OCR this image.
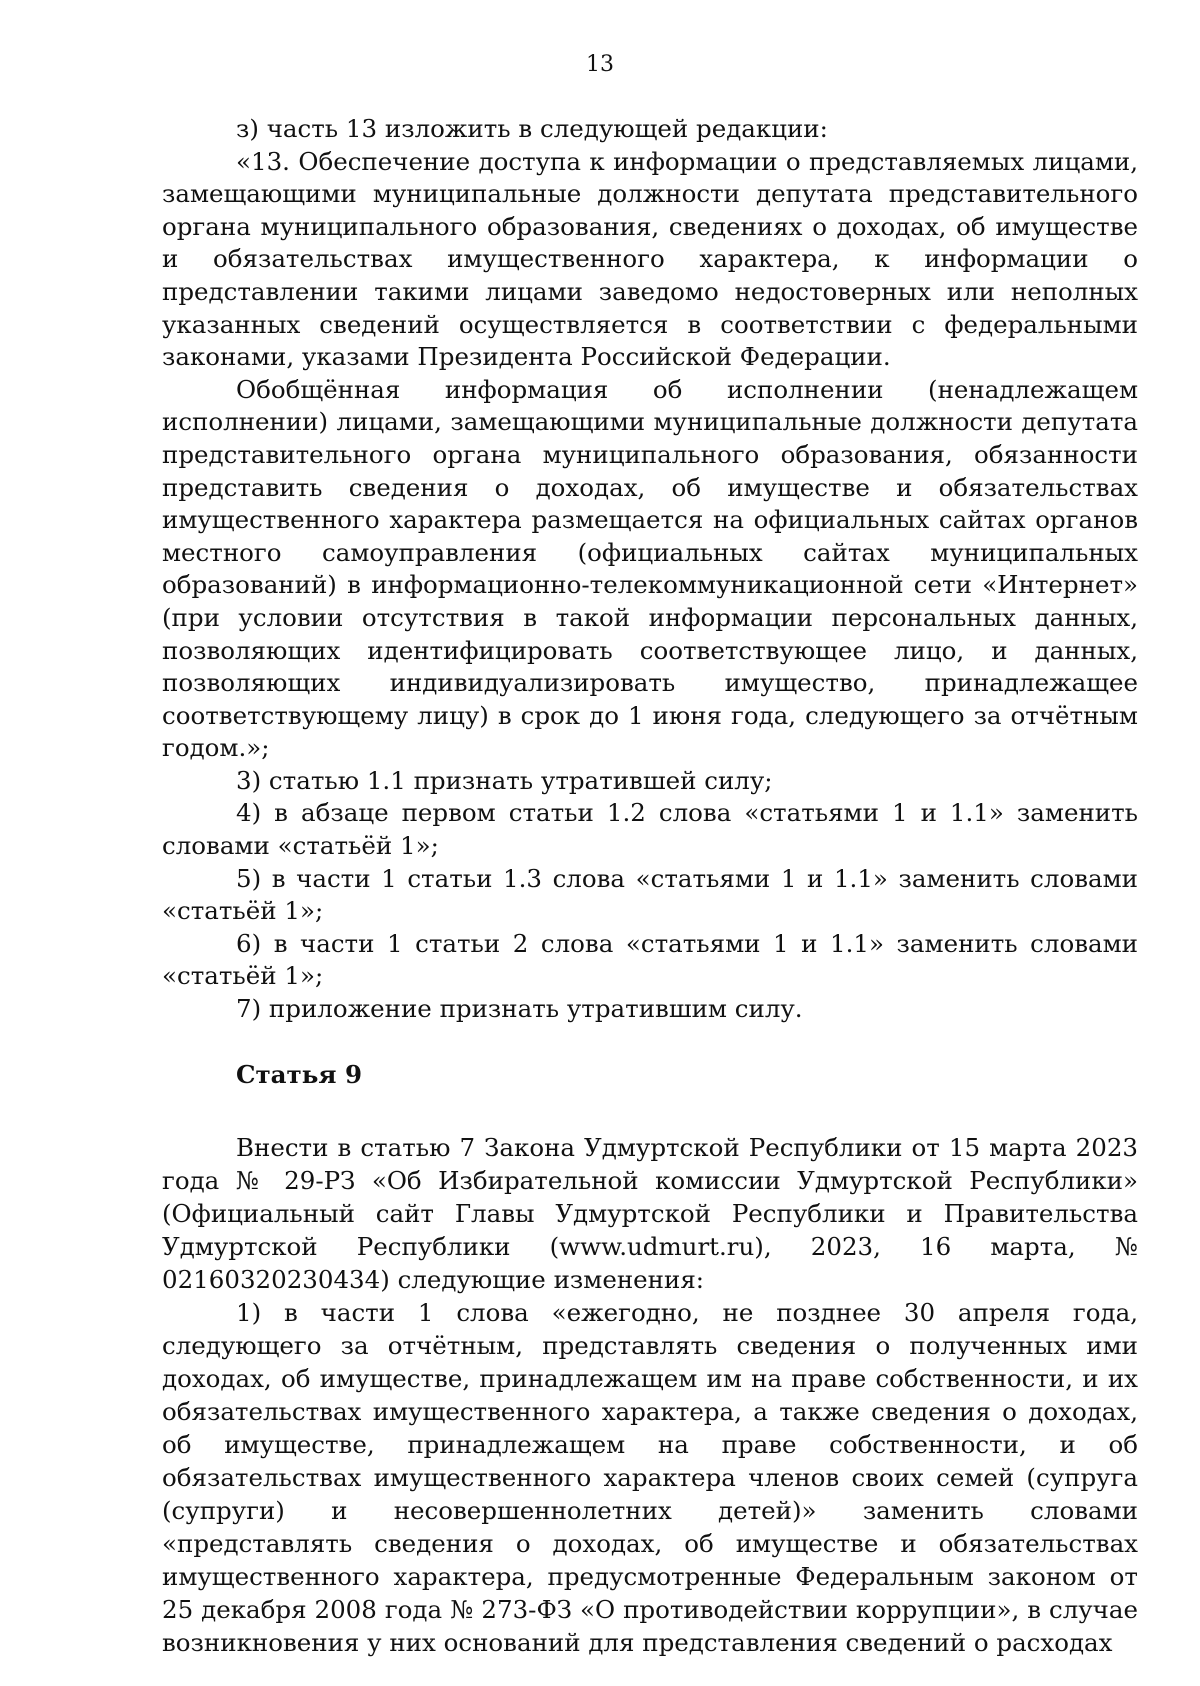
13

з) часть 13 изложить в следующей редакции:

«13. Обеспечение доступа к информации о представляемых лицами, замещающими муниципальные должности депутата представительного органа муниципального образования, сведениях о доходах, об имуществе и обязательствах имущественного характера, к информации о представлении такими лицами заведомо недостоверных или неполных указанных сведений осуществляется в соответствии с федеральными законами, указами Президента Российской Федерации.

Обобщённая информация об исполнении (ненадлежащем исполнении) лицами, замещающими муниципальные должности депутата представительного органа муниципального образования, обязанности представить сведения о доходах, об имуществе и обязательствах имущественного характера размещается на официальных сайтах органов местного самоуправления (официальных сайтах муниципальных образований) в информационно-телекоммуникационной сети «Интернет» (при условии отсутствия в такой информации персональных данных, позволяющих идентифицировать соответствующее лицо, и данных, позволяющих индивидуализировать имущество, принадлежащее соответствующему лицу) в срок до 1 июня года, следующего за отчётным годом.»;

3) статью 1.1 признать утратившей силу;

4) в абзаце первом статьи 1.2 слова «статьями 1 и 1.1» заменить словами «статьёй 1»;

5) в части 1 статьи 1.3 слова «статьями 1 и 1.1» заменить словами «статьёй 1»;

6) в части 1 статьи 2 слова «статьями 1 и 1.1» заменить словами «статьёй 1»;

7) приложение признать утратившим силу.

Статья 9

Внести в статью 7 Закона Удмуртской Республики от 15 марта 2023 года № 29-РЗ «Об Избирательной комиссии Удмуртской Республики» (Официальный сайт Главы Удмуртской Республики и Правительства Удмуртской Республики (www.udmurt.ru), 2023, 16 марта, № 02160320230434) следующие изменения:

1) в части 1 слова «ежегодно, не позднее 30 апреля года, следующего за отчётным, представлять сведения о полученных ими доходах, об имуществе, принадлежащем им на праве собственности, и их обязательствах имущественного характера, а также сведения о доходах, об имуществе, принадлежащем на праве собственности, и об обязательствах имущественного характера членов своих семей (супруга (супруги) и несовершеннолетних детей)» заменить словами «представлять сведения о доходах, об имуществе и обязательствах имущественного характера, предусмотренные Федеральным законом от 25 декабря 2008 года № 273-ФЗ «О противодействии коррупции», в случае возникновения у них оснований для представления сведений о расходах
